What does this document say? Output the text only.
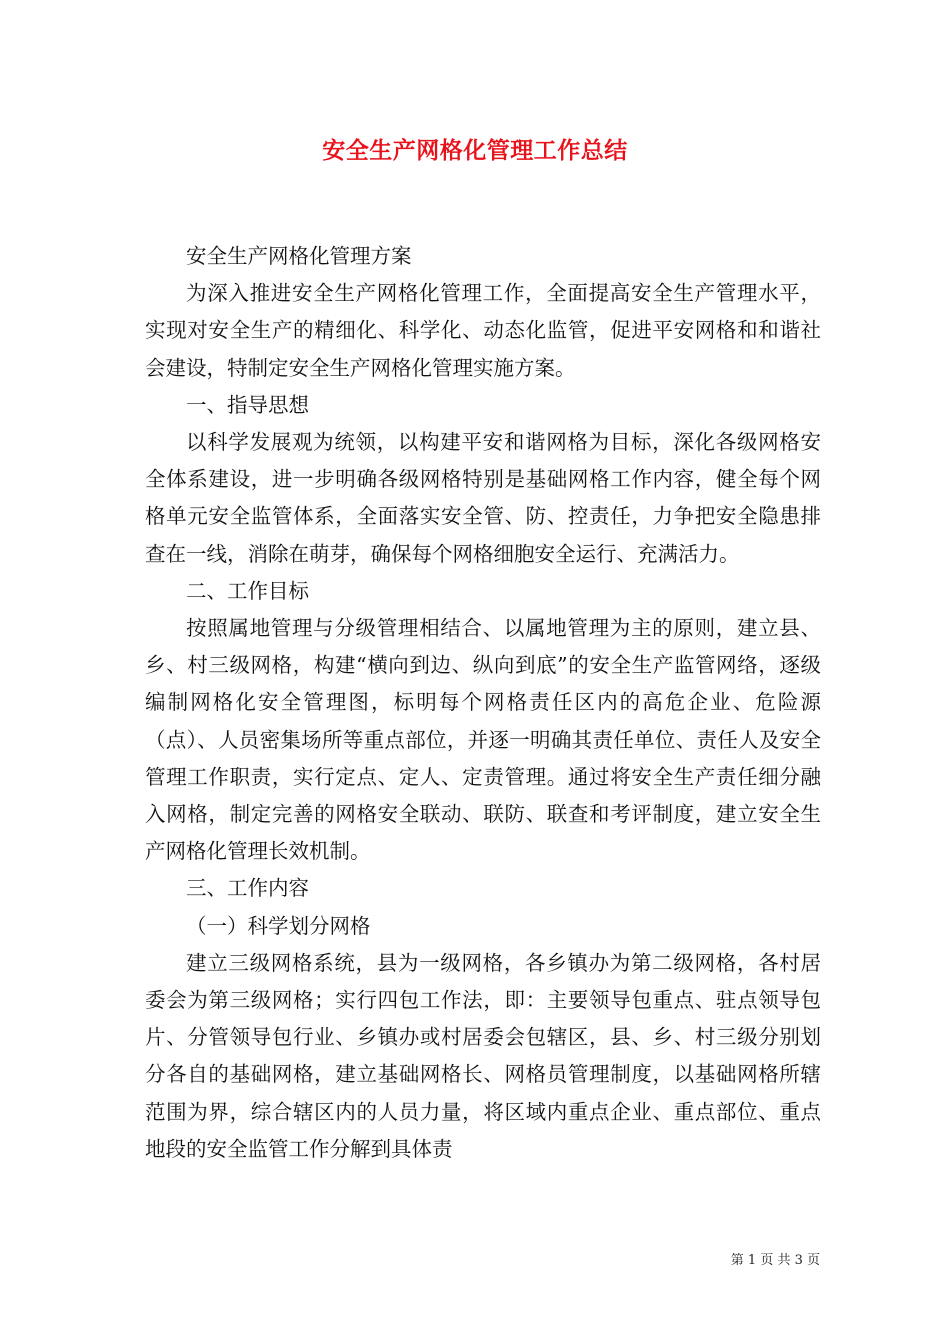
安全生产网格化管理工作总结

安全生产网格化管理方案

为深入推进安全生产网格化管理工作，全面提高安全生产管理水平，实现对安全生产的精细化、科学化、动态化监管，促进平安网格和和谐社会建设，特制定安全生产网格化管理实施方案。

一、指导思想

以科学发展观为统领，以构建平安和谐网格为目标，深化各级网格安全体系建设，进一步明确各级网格特别是基础网格工作内容，健全每个网格单元安全监管体系，全面落实安全管、防、控责任，力争把安全隐患排查在一线，消除在萌芽，确保每个网格细胞安全运行、充满活力。

二、工作目标

按照属地管理与分级管理相结合、以属地管理为主的原则，建立县、乡、村三级网格，构建“横向到边、纵向到底”的安全生产监管网络，逐级编制网格化安全管理图，标明每个网格责任区内的高危企业、危险源（点）、人员密集场所等重点部位，并逐一明确其责任单位、责任人及安全管理工作职责，实行定点、定人、定责管理。通过将安全生产责任细分融入网格，制定完善的网格安全联动、联防、联查和考评制度，建立安全生产网格化管理长效机制。

三、工作内容

（一）科学划分网格

建立三级网格系统，县为一级网格，各乡镇办为第二级网格，各村居委会为第三级网格；实行四包工作法，即：主要领导包重点、驻点领导包片、分管领导包行业、乡镇办或村居委会包辖区，县、乡、村三级分别划分各自的基础网格，建立基础网格长、网格员管理制度，以基础网格所辖范围为界，综合辖区内的人员力量，将区域内重点企业、重点部位、重点地段的安全监管工作分解到具体责

第 1 页 共 3 页
